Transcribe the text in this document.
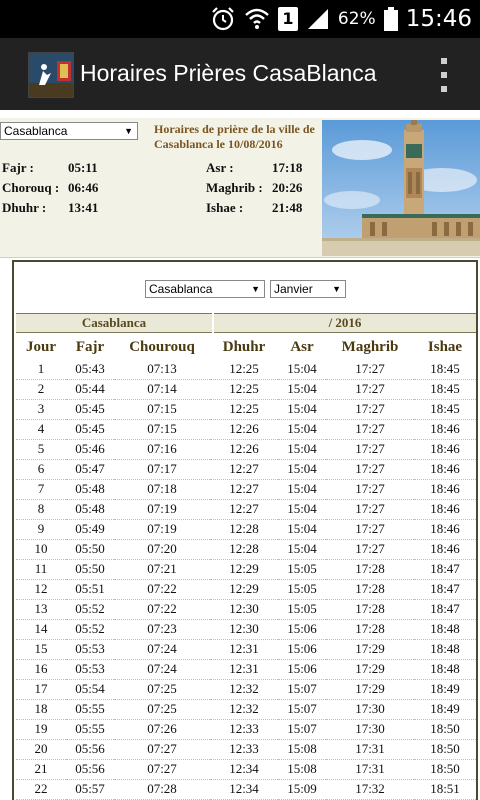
1	62% 15:46
Horaires Prières CasaBlanca
Casablanca	▼ Horaires de prière de la ville de Casablanca le 10/08/2016
Fajr :	05:11
Chorouq : 06:46
Dhuhr : 13:41
Asr :	17:18
Maghrib : 20:26
Ishae : 21:48
Casablanca	▼	Janvier ▼
Casablanca	/ 2016
Jour	Fajr	Chourouq	Dhuhr	Asr	Maghrib	Ishae
1	05:43	07:13	12:25	15:04	17:27	18:45
2	05:44	07:14	12:25	15:04	17:27	18:45
3	05:45	07:15	12:25	15:04	17:27	18:45
4	05:45	07:15	12:26	15:04	17:27	18:46
5	05:46	07:16	12:26	15:04	17:27	18:46
6	05:47	07:17	12:27	15:04	17:27	18:46
7	05:48	07:18	12:27	15:04	17:27	18:46
8	05:48	07:19	12:27	15:04	17:27	18:46
9	05:49	07:19	12:28	15:04	17:27	18:46
10	05:50	07:20	12:28	15:04	17:27	18:46
11	05:50	07:21	12:29	15:05	17:28	18:47
12	05:51	07:22	12:29	15:05	17:28	18:47
13	05:52	07:22	12:30	15:05	17:28	18:47
14	05:52	07:23	12:30	15:06	17:28	18:48
15	05:53	07:24	12:31	15:06	17:29	18:48
16	05:53	07:24	12:31	15:06	17:29	18:48
17	05:54	07:25	12:32	15:07	17:29	18:49
18	05:55	07:25	12:32	15:07	17:30	18:49
19	05:55	07:26	12:33	15:07	17:30	18:50
20	05:56	07:27	12:33	15:08	17:31	18:50
21	05:56	07:27	12:34	15:08	17:31	18:50
22	05:57	07:28	12:34	15:09	17:32	18:51
